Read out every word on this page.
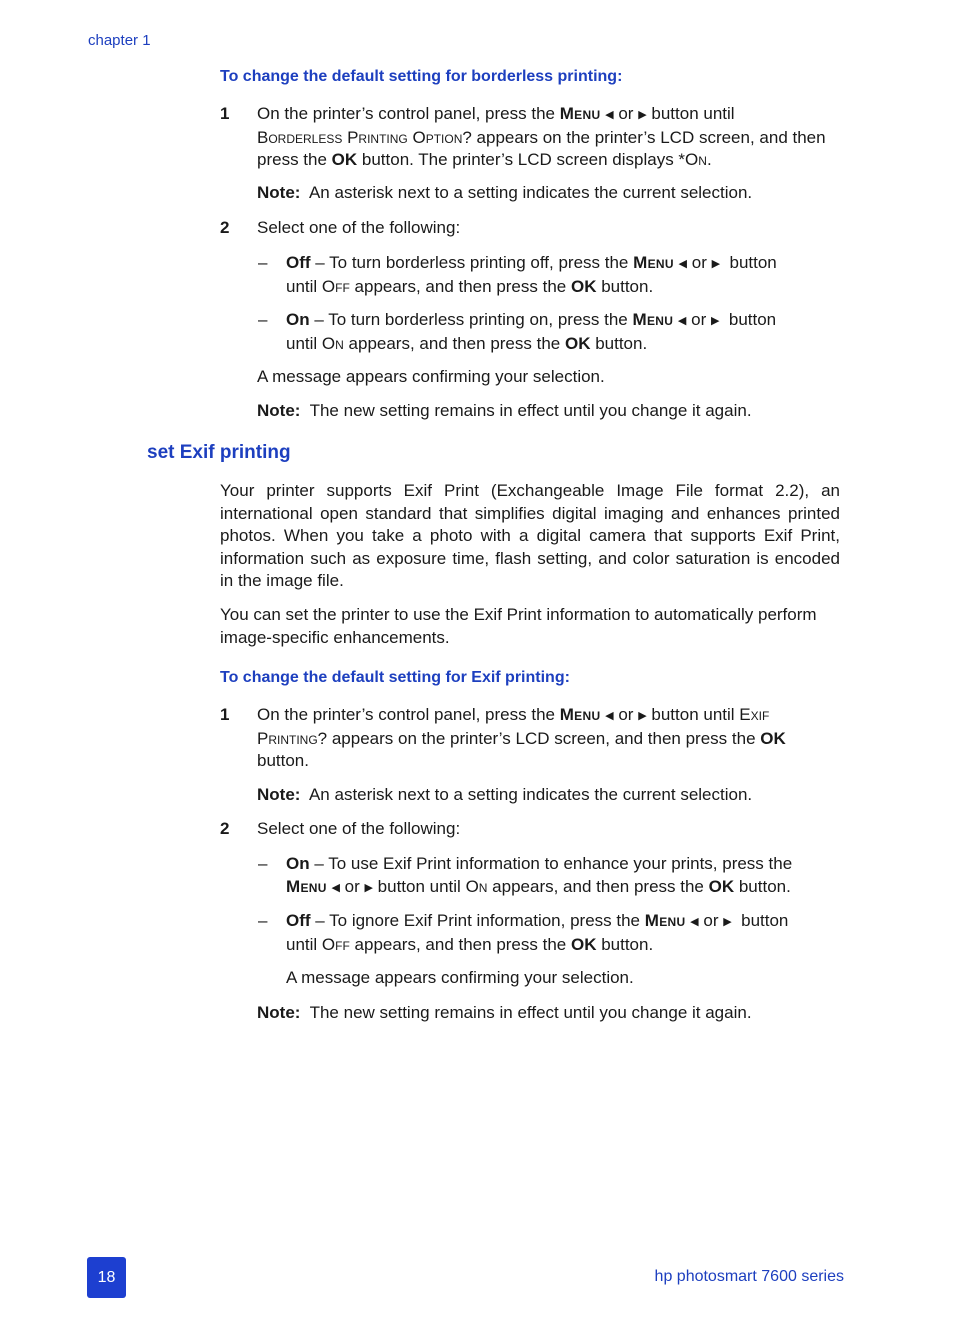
chapter 1
To change the default setting for borderless printing:
1 On the printer’s control panel, press the Menu ◀ or ▶ button until
Borderless Printing Option? appears on the printer’s LCD screen, and then press the OK button. The printer’s LCD screen displays *On.
Note: An asterisk next to a setting indicates the current selection.
2 Select one of the following:
– Off – To turn borderless printing off, press the Menu ◀ or ▶  button
until Off appears, and then press the OK button.
– On – To turn borderless printing on, press the Menu ◀ or ▶  button
until On appears, and then press the OK button.
A message appears confirming your selection.
Note: The new setting remains in effect until you change it again.
set Exif printing
Your printer supports Exif Print (Exchangeable Image File format 2.2), an international open standard that simplifies digital imaging and enhances printed photos. When you take a photo with a digital camera that supports Exif Print, information such as exposure time, flash setting, and color saturation is encoded in the image file.
You can set the printer to use the Exif Print information to automatically perform image-specific enhancements.
To change the default setting for Exif printing:
1 On the printer’s control panel, press the Menu ◀ or ▶ button until Exif Printing? appears on the printer’s LCD screen, and then press the OK button.
Note: An asterisk next to a setting indicates the current selection.
2 Select one of the following:
– On – To use Exif Print information to enhance your prints, press the
Menu ◀ or ▶ button until On appears, and then press the OK button.
– Off – To ignore Exif Print information, press the Menu ◀ or ▶  button
until Off appears, and then press the OK button.
A message appears confirming your selection.
Note: The new setting remains in effect until you change it again.
18	hp photosmart 7600 series
